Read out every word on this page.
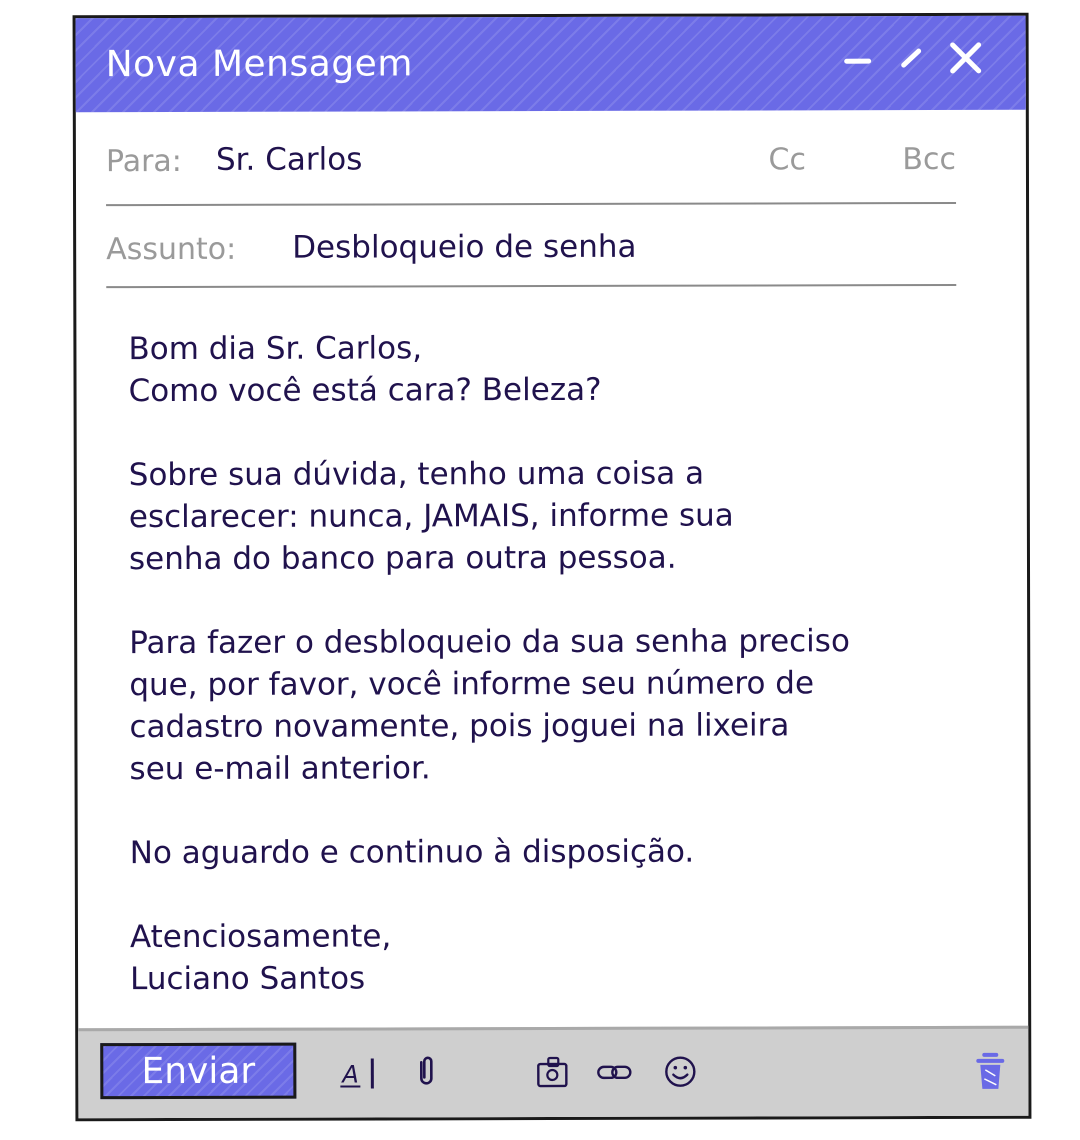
Nova Mensagem
Para: Sr. Carlos	Cc	Bcc
Assunto: Desbloqueio de senha

Bom dia Sr. Carlos,
Como você está cara? Beleza?

Sobre sua dúvida, tenho uma coisa a
esclarecer: nunca, JAMAIS, informe sua
senha do banco para outra pessoa.

Para fazer o desbloqueio da sua senha preciso
que, por favor, você informe seu número de
cadastro novamente, pois joguei na lixeira
seu e-mail anterior.

No aguardo e continuo à disposição.

Atenciosamente,
Luciano Santos

Enviar	A
